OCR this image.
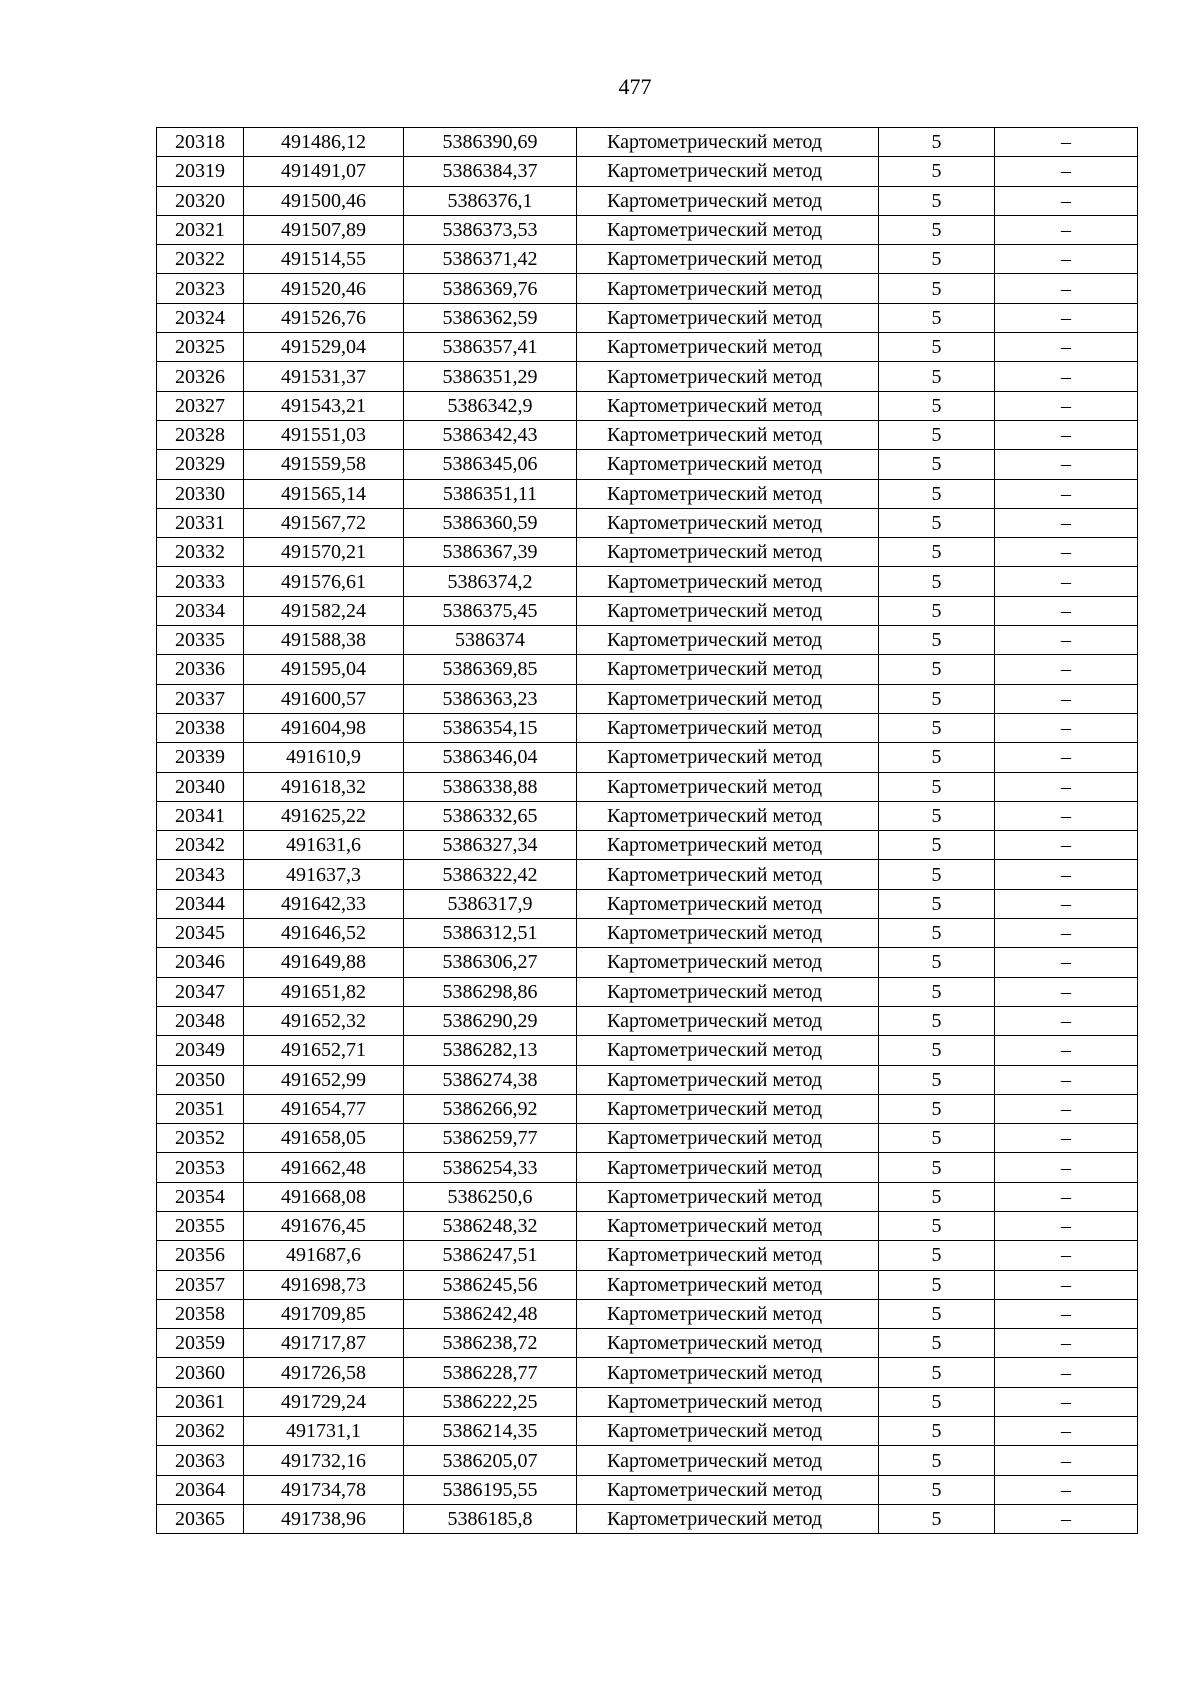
477
20318	491486,12	5386390,69	Картометрический метод	5	–
20319	491491,07	5386384,37	Картометрический метод	5	–
20320	491500,46	5386376,1	Картометрический метод	5	–
20321	491507,89	5386373,53	Картометрический метод	5	–
20322	491514,55	5386371,42	Картометрический метод	5	–
20323	491520,46	5386369,76	Картометрический метод	5	–
20324	491526,76	5386362,59	Картометрический метод	5	–
20325	491529,04	5386357,41	Картометрический метод	5	–
20326	491531,37	5386351,29	Картометрический метод	5	–
20327	491543,21	5386342,9	Картометрический метод	5	–
20328	491551,03	5386342,43	Картометрический метод	5	–
20329	491559,58	5386345,06	Картометрический метод	5	–
20330	491565,14	5386351,11	Картометрический метод	5	–
20331	491567,72	5386360,59	Картометрический метод	5	–
20332	491570,21	5386367,39	Картометрический метод	5	–
20333	491576,61	5386374,2	Картометрический метод	5	–
20334	491582,24	5386375,45	Картометрический метод	5	–
20335	491588,38	5386374	Картометрический метод	5	–
20336	491595,04	5386369,85	Картометрический метод	5	–
20337	491600,57	5386363,23	Картометрический метод	5	–
20338	491604,98	5386354,15	Картометрический метод	5	–
20339	491610,9	5386346,04	Картометрический метод	5	–
20340	491618,32	5386338,88	Картометрический метод	5	–
20341	491625,22	5386332,65	Картометрический метод	5	–
20342	491631,6	5386327,34	Картометрический метод	5	–
20343	491637,3	5386322,42	Картометрический метод	5	–
20344	491642,33	5386317,9	Картометрический метод	5	–
20345	491646,52	5386312,51	Картометрический метод	5	–
20346	491649,88	5386306,27	Картометрический метод	5	–
20347	491651,82	5386298,86	Картометрический метод	5	–
20348	491652,32	5386290,29	Картометрический метод	5	–
20349	491652,71	5386282,13	Картометрический метод	5	–
20350	491652,99	5386274,38	Картометрический метод	5	–
20351	491654,77	5386266,92	Картометрический метод	5	–
20352	491658,05	5386259,77	Картометрический метод	5	–
20353	491662,48	5386254,33	Картометрический метод	5	–
20354	491668,08	5386250,6	Картометрический метод	5	–
20355	491676,45	5386248,32	Картометрический метод	5	–
20356	491687,6	5386247,51	Картометрический метод	5	–
20357	491698,73	5386245,56	Картометрический метод	5	–
20358	491709,85	5386242,48	Картометрический метод	5	–
20359	491717,87	5386238,72	Картометрический метод	5	–
20360	491726,58	5386228,77	Картометрический метод	5	–
20361	491729,24	5386222,25	Картометрический метод	5	–
20362	491731,1	5386214,35	Картометрический метод	5	–
20363	491732,16	5386205,07	Картометрический метод	5	–
20364	491734,78	5386195,55	Картометрический метод	5	–
20365	491738,96	5386185,8	Картометрический метод	5	–
